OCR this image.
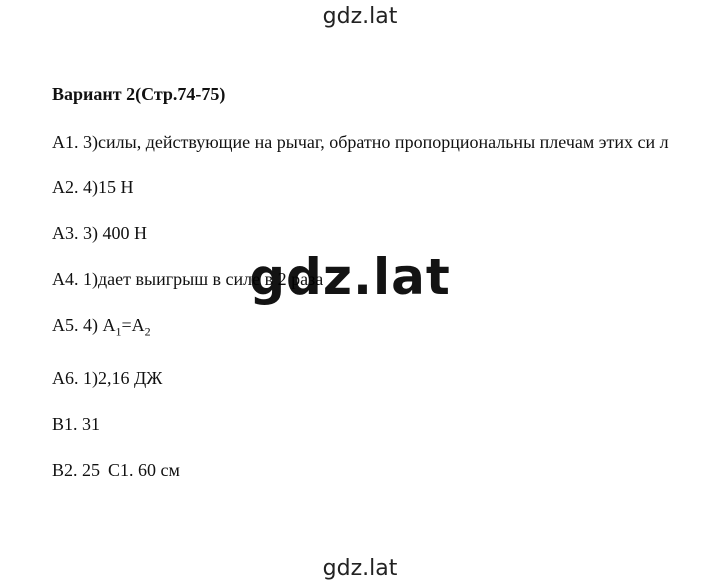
gdz.lat
Вариант 2(Стр.74-75)
А1. 3)силы, действующие на рычаг, обратно пропорциональны плечам этих си л
А2. 4)15 Н
А3. 3) 400 Н
А4. 1)дает выигрыш в силе в 2 раза
А5. 4) $A_1=A_2$
А6. 1)2,16 ДЖ
В1. 31
В2. 25 С1. 60 см
gdz.lat
gdz.lat
